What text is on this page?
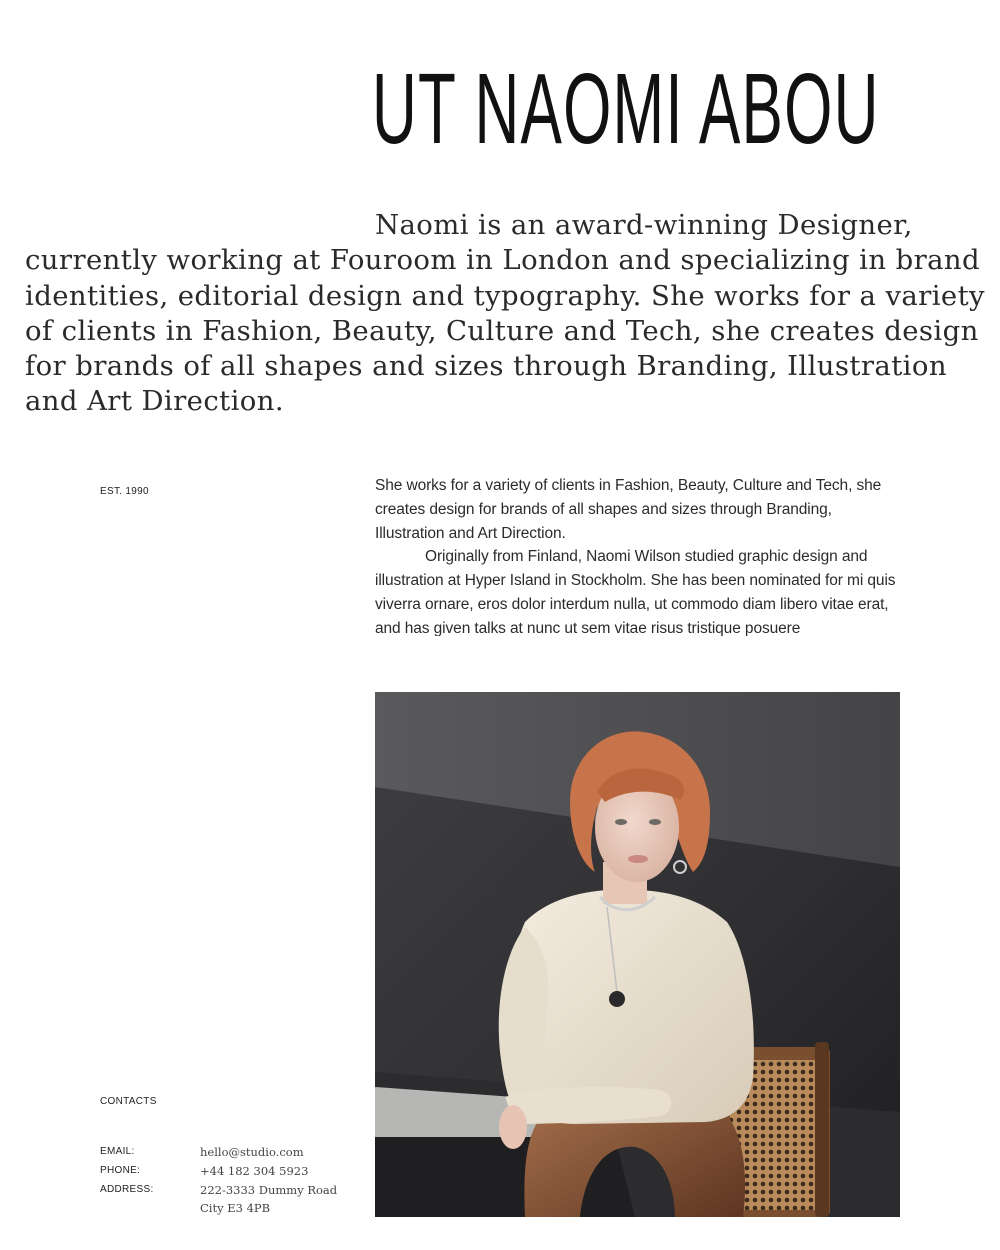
UT NAOMI ABOU

Naomi is an award-winning Designer, currently working at Fouroom in London and specializing in brand identities, editorial design and typography. She works for a variety of clients in Fashion, Beauty, Culture and Tech, she creates design for brands of all shapes and sizes through Branding, Illustration and Art Direction.

EST. 1990	She works for a variety of clients in Fashion, Beauty, Culture and Tech, she creates design for brands of all shapes and sizes through Branding, Illustration and Art Direction.

Originally from Finland, Naomi Wilson studied graphic design and illustration at Hyper Island in Stockholm. She has been nominated for mi quis viverra ornare, eros dolor interdum nulla, ut commodo diam libero vitae erat, and has given talks at nunc ut sem vitae risus tristique posuere

CONTACTS
EMAIL:	hello@studio.com
PHONE:	+44 182 304 5923
ADDRESS:	222-3333 Dummy Road
City E3 4PB
